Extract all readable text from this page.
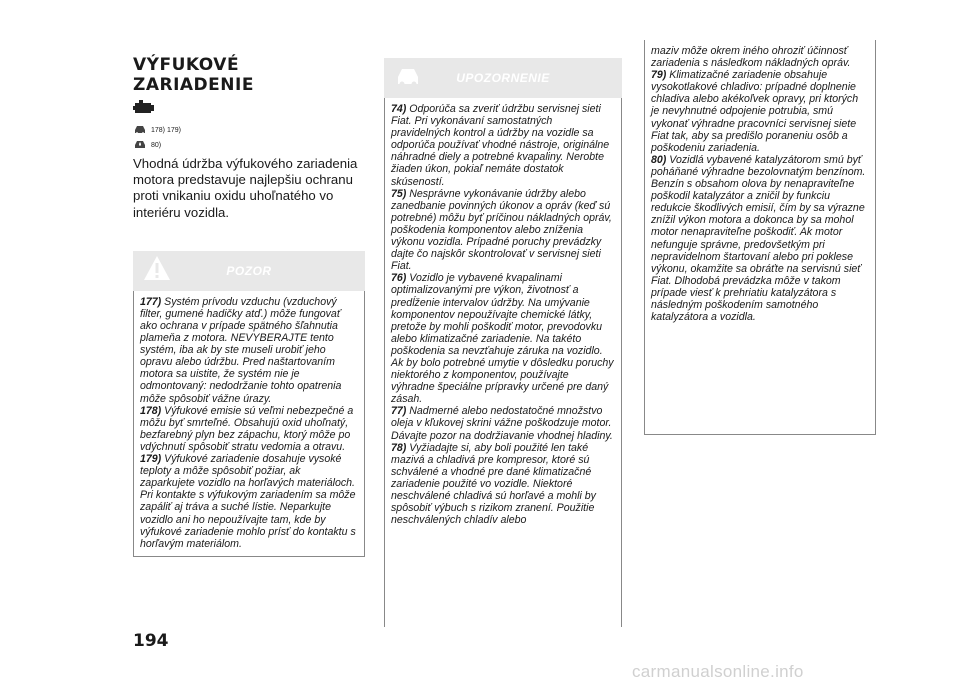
VÝFUKOVÉ ZARIADENIE
178) 179)
80)
Vhodná údržba výfukového zariadenia motora predstavuje najlepšiu ochranu proti vnikaniu oxidu uhoľnatého vo interiéru vozidla.
POZOR

177) Systém prívodu vzduchu (vzduchový filter, gumené hadičky atď.) môže fungovať ako ochrana v prípade spätného šľahnutia plameňa z motora. NEVYBERAJTE tento systém, iba ak by ste museli urobiť jeho opravu alebo údržbu. Pred naštartovaním motora sa uistite, že systém nie je odmontovaný: nedodržanie tohto opatrenia môže spôsobiť vážne úrazy.

178) Výfukové emisie sú veľmi nebezpečné a môžu byť smrteľné. Obsahujú oxid uhoľnatý, bezfarebný plyn bez zápachu, ktorý môže po vdýchnutí spôsobiť stratu vedomia a otravu.

179) Výfukové zariadenie dosahuje vysoké teploty a môže spôsobiť požiar, ak zaparkujete vozidlo na horľavých materiáloch. Pri kontakte s výfukovým zariadením sa môže zapáliť aj tráva a suché lístie. Neparkujte vozidlo ani ho nepoužívajte tam, kde by výfukové zariadenie mohlo prísť do kontaktu s horľavým materiálom.

UPOZORNENIE

74) Odporúča sa zveriť údržbu servisnej sieti Fiat. Pri vykonávaní samostatných pravidelných kontrol a údržby na vozidle sa odporúča používať vhodné nástroje, originálne náhradné diely a potrebné kvapaliny. Nerobte žiaden úkon, pokiaľ nemáte dostatok skúseností.

75) Nesprávne vykonávanie údržby alebo zanedbanie povinných úkonov a opráv (keď sú potrebné) môžu byť príčinou nákladných opráv, poškodenia komponentov alebo zníženia výkonu vozidla. Prípadné poruchy prevádzky dajte čo najskôr skontrolovať v servisnej sieti Fiat.

76) Vozidlo je vybavené kvapalinami optimalizovanými pre výkon, životnosť a predĺženie intervalov údržby. Na umývanie komponentov nepoužívajte chemické látky, pretože by mohli poškodiť motor, prevodovku alebo klimatizačné zariadenie. Na takéto poškodenia sa nevzťahuje záruka na vozidlo. Ak by bolo potrebné umytie v dôsledku poruchy niektorého z komponentov, používajte výhradne špeciálne prípravky určené pre daný zásah.

77) Nadmerné alebo nedostatočné množstvo oleja v kľukovej skrini vážne poškodzuje motor. Dávajte pozor na dodržiavanie vhodnej hladiny.

78) Vyžiadajte si, aby boli použité len také mazivá a chladivá pre kompresor, ktoré sú schválené a vhodné pre dané klimatizačné zariadenie použité vo vozidle. Niektoré neschválené chladivá sú horľavé a mohli by spôsobiť výbuch s rizikom zranení. Použitie neschválených chladív alebo

maziv môže okrem iného ohroziť účinnosť zariadenia s následkom nákladných opráv.

79) Klimatizačné zariadenie obsahuje vysokotlakové chladivo: prípadné doplnenie chladiva alebo akékoľvek opravy, pri ktorých je nevyhnutné odpojenie potrubia, smú vykonať výhradne pracovníci servisnej siete Fiat tak, aby sa predišlo poraneniu osôb a poškodeniu zariadenia.

80) Vozidlá vybavené katalyzátorom smú byť poháňané výhradne bezolovnatým benzínom. Benzín s obsahom olova by nenapraviteľne poškodil katalyzátor a zničil by funkciu redukcie škodlivých emisií, čím by sa výrazne znížil výkon motora a dokonca by sa mohol motor nenapraviteľne poškodiť. Ak motor nefunguje správne, predovšetkým pri nepravidelnom štartovaní alebo pri poklese výkonu, okamžite sa obráťte na servisnú sieť Fiat. Dlhodobá prevádzka môže v takom prípade viesť k prehriatiu katalyzátora s následným poškodením samotného katalyzátora a vozidla.

194
carmanualsonline.info
